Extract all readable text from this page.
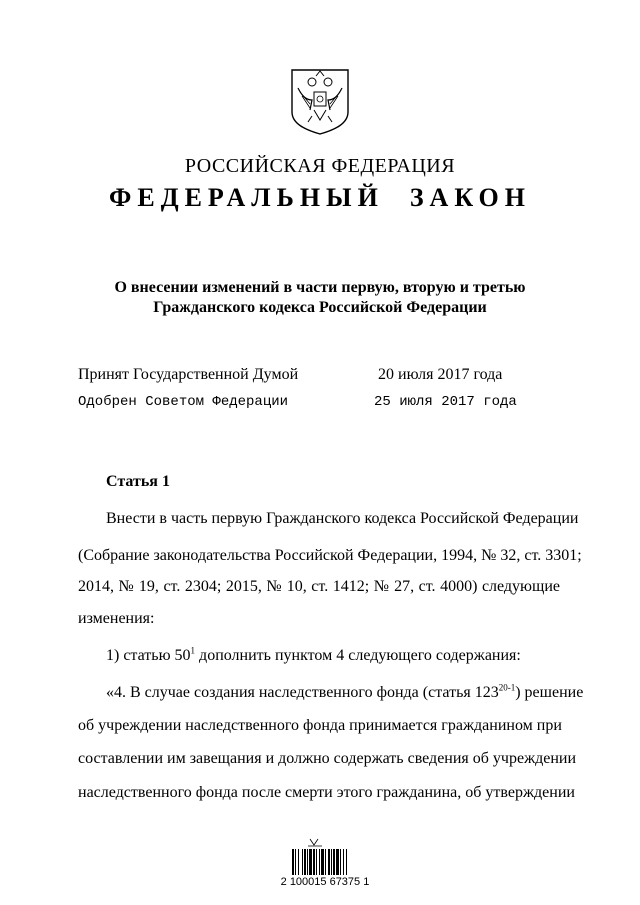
РОССИЙСКАЯ ФЕДЕРАЦИЯ
ФЕДЕРАЛЬНЫЙ ЗАКОН
О внесении изменений в части первую, вторую и третью
Гражданского кодекса Российской Федерации
Принят Государственной Думой	20 июля 2017 года
Одобрен Советом Федерации	25 июля 2017 года
Статья 1
Внести в часть первую Гражданского кодекса Российской Федерации
(Собрание законодательства Российской Федерации, 1994, № 32, ст. 3301;
2014, № 19, ст. 2304; 2015, № 10, ст. 1412; № 27, ст. 4000) следующие
изменения:
1) статью $50^1$ дополнить пунктом 4 следующего содержания:
«4. В случае создания наследственного фонда (статья 123$^{20-1}$) решение
об учреждении наследственного фонда принимается гражданином при
составлении им завещания и должно содержать сведения об учреждении
наследственного фонда после смерти этого гражданина, об утверждении
2 100015 67375 1
